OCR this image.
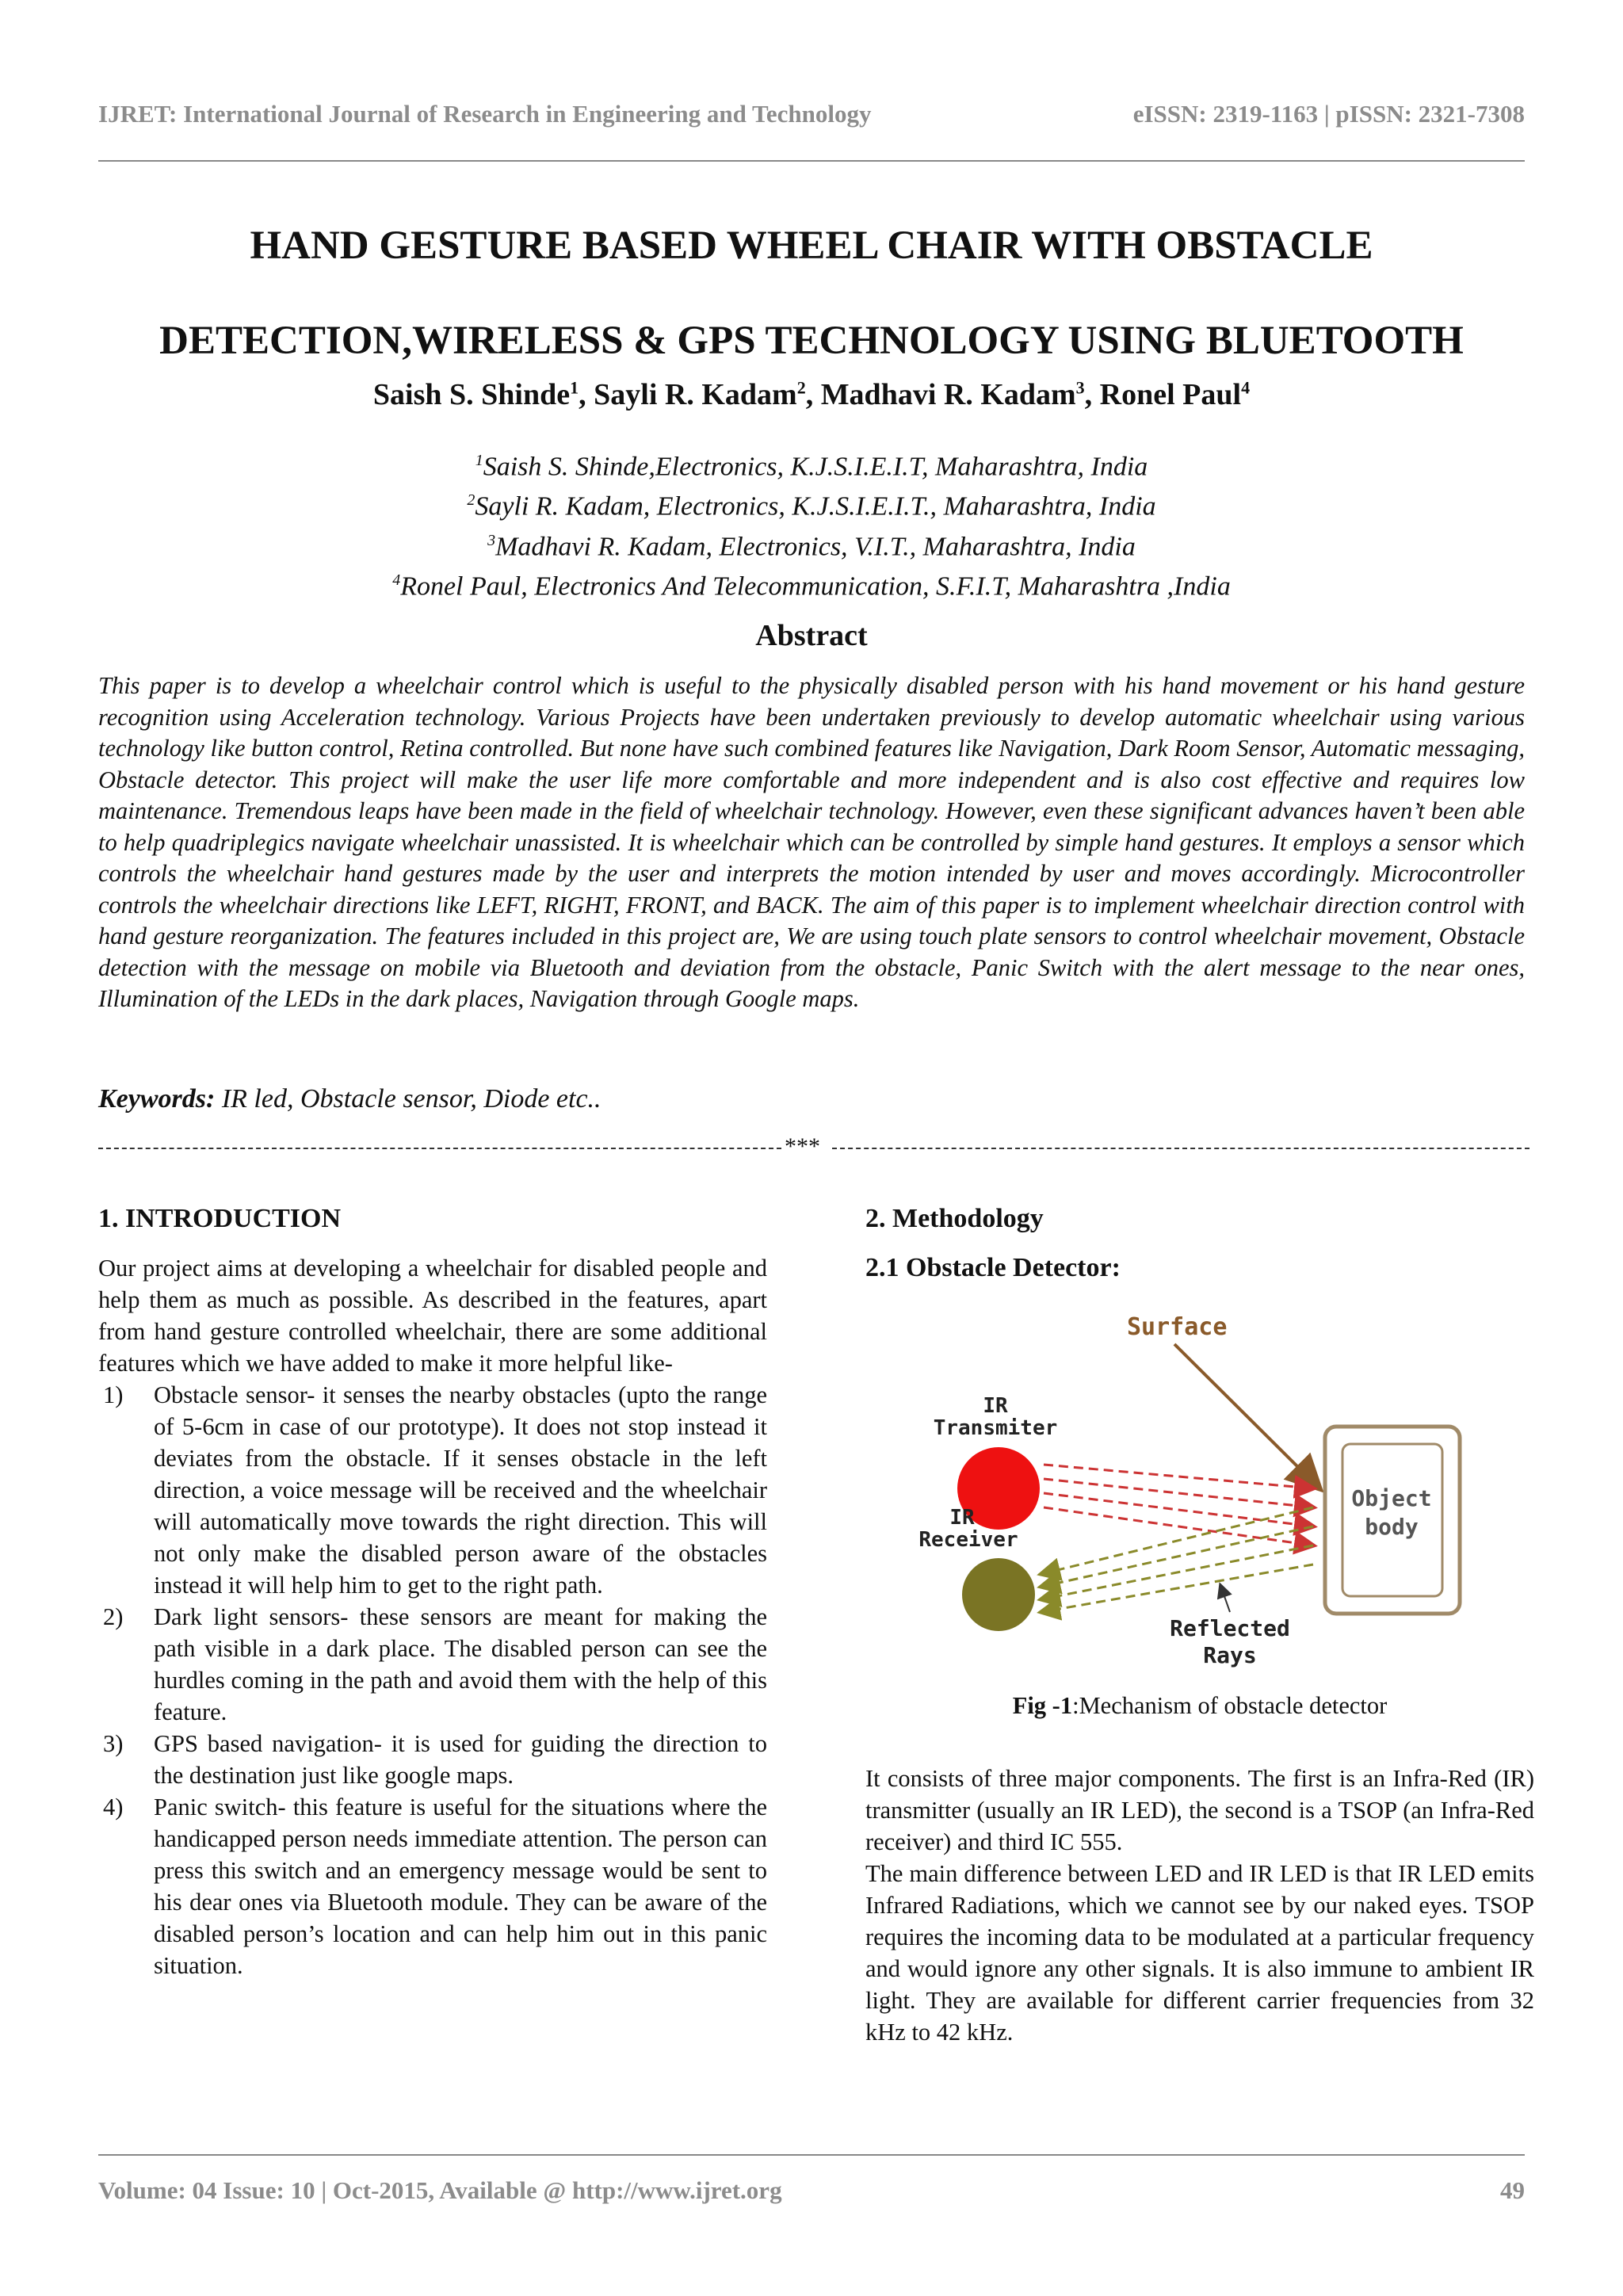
IJRET: International Journal of Research in Engineering and Technology	eISSN: 2319-1163 | pISSN: 2321-7308
HAND GESTURE BASED WHEEL CHAIR WITH OBSTACLE
DETECTION,WIRELESS & GPS TECHNOLOGY USING BLUETOOTH
Saish S. Shinde$^1$, Sayli R. Kadam$^2$, Madhavi R. Kadam$^3$, Ronel Paul$^4$
$^1$Saish S. Shinde,Electronics, K.J.S.I.E.I.T, Maharashtra, India
$^2$Sayli R. Kadam, Electronics, K.J.S.I.E.I.T., Maharashtra, India
$^3$Madhavi R. Kadam, Electronics, V.I.T., Maharashtra, India
$^4$Ronel Paul, Electronics And Telecommunication, S.F.I.T, Maharashtra ,India
Abstract
This paper is to develop a wheelchair control which is useful to the physically disabled person with his hand movement or his hand gesture recognition using Acceleration technology. Various Projects have been undertaken previously to develop automatic wheelchair using various technology like button control, Retina controlled. But none have such combined features like Navigation, Dark Room Sensor, Automatic messaging, Obstacle detector. This project will make the user life more comfortable and more independent and is also cost effective and requires low maintenance. Tremendous leaps have been made in the field of wheelchair technology. However, even these significant advances haven’t been able to help quadriplegics navigate wheelchair unassisted. It is wheelchair which can be controlled by simple hand gestures. It employs a sensor which controls the wheelchair hand gestures made by the user and interprets the motion intended by user and moves accordingly. Microcontroller controls the wheelchair directions like LEFT, RIGHT, FRONT, and BACK. The aim of this paper is to implement wheelchair direction control with hand gesture reorganization. The features included in this project are, We are using touch plate sensors to control wheelchair movement, Obstacle detection with the message on mobile via Bluetooth and deviation from the obstacle, Panic Switch with the alert message to the near ones, Illumination of the LEDs in the dark places, Navigation through Google maps.
Keywords: IR led, Obstacle sensor, Diode etc..
***
1. INTRODUCTION

Our project aims at developing a wheelchair for disabled people and help them as much as possible. As described in the features, apart from hand gesture controlled wheelchair, there are some additional features which we have added to make it more helpful like-

1) Obstacle sensor- it senses the nearby obstacles (upto the range of 5-6cm in case of our prototype). It does not stop instead it deviates from the obstacle. If it senses obstacle in the left direction, a voice message will be received and the wheelchair will automatically move towards the right direction. This will not only make the disabled person aware of the obstacles instead it will help him to get to the right path.
2) Dark light sensors- these sensors are meant for making the path visible in a dark place. The disabled person can see the hurdles coming in the path and avoid them with the help of this feature.
3) GPS based navigation- it is used for guiding the direction to the destination just like google maps.
4) Panic switch- this feature is useful for the situations where the handicapped person needs immediate attention. The person can press this switch and an emergency message would be sent to his dear ones via Bluetooth module. They can be aware of the disabled person’s location and can help him out in this panic situation.
2. Methodology
2.1 Obstacle Detector:
Surface
Object
body
IR
Transmiter
IR
Receiver
Reflected
Rays
Fig -1:Mechanism of obstacle detector

It consists of three major components. The first is an Infra-Red (IR) transmitter (usually an IR LED), the second is a TSOP (an Infra-Red receiver) and third IC 555.

The main difference between LED and IR LED is that IR LED emits Infrared Radiations, which we cannot see by our naked eyes. TSOP requires the incoming data to be modulated at a particular frequency and would ignore any other signals. It is also immune to ambient IR light. They are available for different carrier frequencies from 32 kHz to 42 kHz.

Volume: 04 Issue: 10 | Oct-2015, Available @ http://www.ijret.org	49
